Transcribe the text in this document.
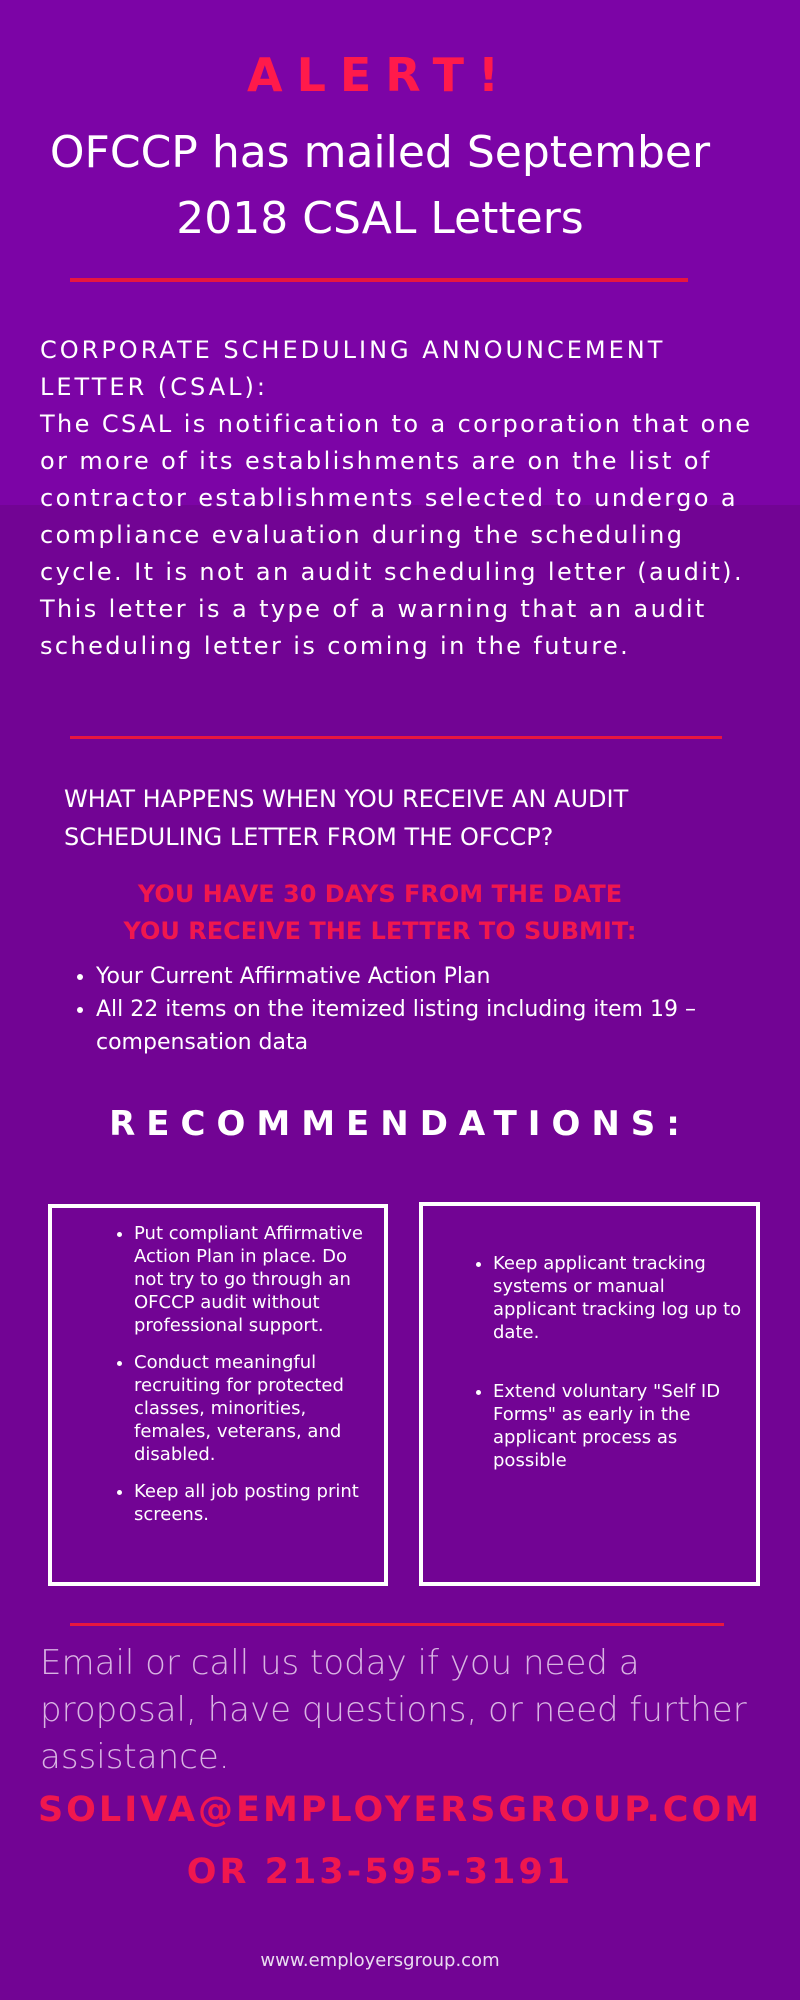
ALERT!
OFCCP has mailed September
2018 CSAL Letters
CORPORATE SCHEDULING ANNOUNCEMENT
LETTER (CSAL):
The CSAL is notification to a corporation that one or more of its establishments are on the list of contractor establishments selected to undergo a compliance evaluation during the scheduling cycle. It is not an audit scheduling letter (audit). This letter is a type of a warning that an audit scheduling letter is coming in the future.
WHAT HAPPENS WHEN YOU RECEIVE AN AUDIT
SCHEDULING LETTER FROM THE OFCCP?
YOU HAVE 30 DAYS FROM THE DATE
YOU RECEIVE THE LETTER TO SUBMIT:
• Your Current Affirmative Action Plan
• All 22 items on the itemized listing including item 19 – compensation data
RECOMMENDATIONS:
• Put compliant Affirmative Action Plan in place. Do not try to go through an OFCCP audit without professional support.
• Conduct meaningful recruiting for protected classes, minorities, females, veterans, and disabled.
• Keep all job posting print screens.
• Keep applicant tracking systems or manual applicant tracking log up to date.
• Extend voluntary "Self ID Forms" as early in the applicant process as possible
Email or call us today if you need a proposal, have questions, or need further assistance.
SOLIVA@EMPLOYERSGROUP.COM
OR 213-595-3191
www.employersgroup.com
